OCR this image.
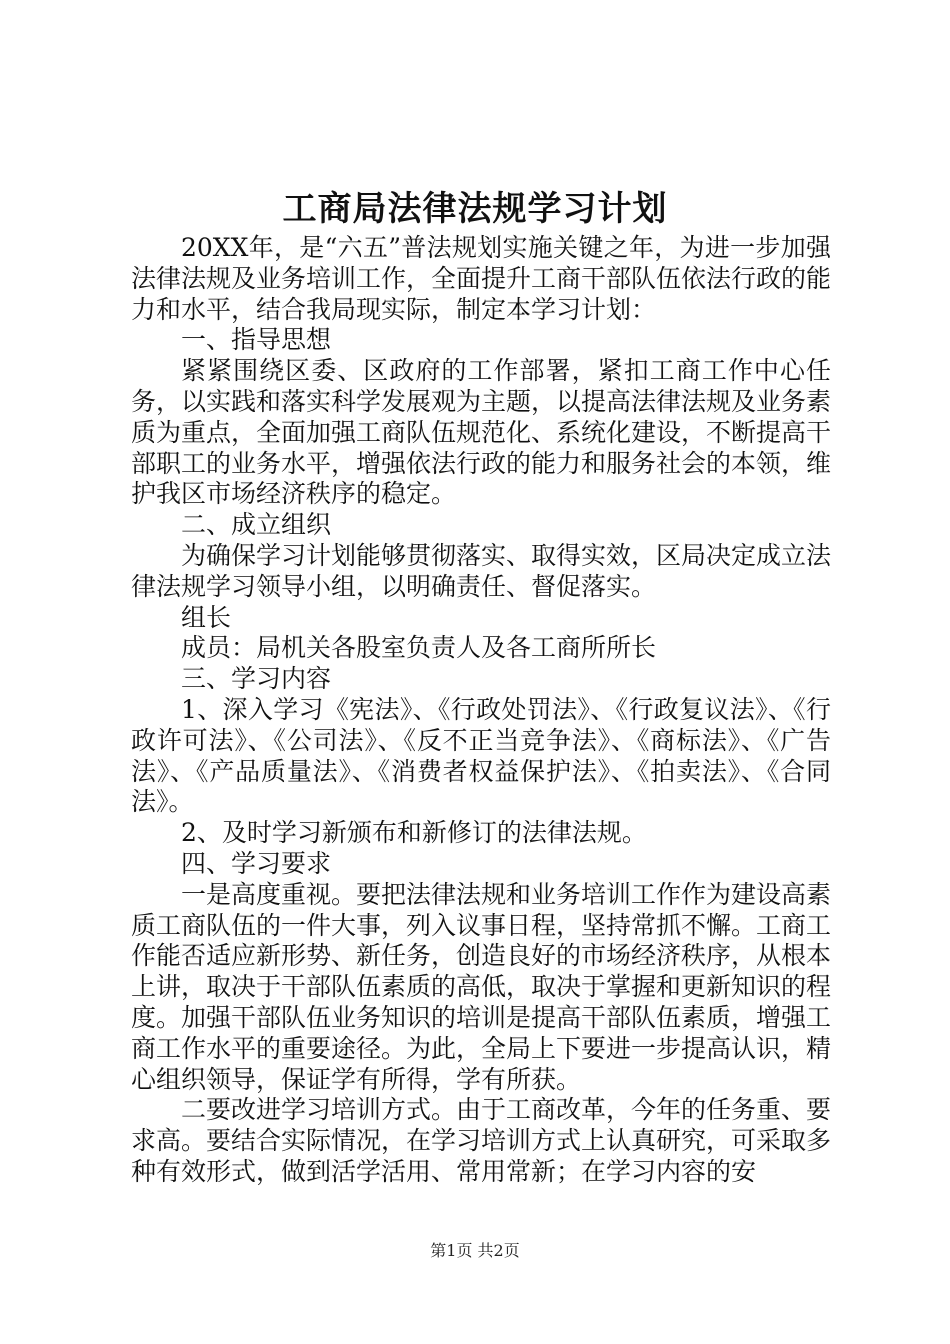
工商局法律法规学习计划

20XX年，是“六五”普法规划实施关键之年，为进一步加强法律法规及业务培训工作，全面提升工商干部队伍依法行政的能力和水平，结合我局现实际，制定本学习计划：

一、指导思想

紧紧围绕区委、区政府的工作部署，紧扣工商工作中心任务，以实践和落实科学发展观为主题，以提高法律法规及业务素质为重点，全面加强工商队伍规范化、系统化建设，不断提高干部职工的业务水平，增强依法行政的能力和服务社会的本领，维护我区市场经济秩序的稳定。

二、成立组织

为确保学习计划能够贯彻落实、取得实效，区局决定成立法律法规学习领导小组，以明确责任、督促落实。

组长

成员：局机关各股室负责人及各工商所所长

三、学习内容

1、深入学习《宪法》、《行政处罚法》、《行政复议法》、《行政许可法》、《公司法》、《反不正当竞争法》、《商标法》、《广告法》、《产品质量法》、《消费者权益保护法》、《拍卖法》、《合同法》。

2、及时学习新颁布和新修订的法律法规。

四、学习要求

一是高度重视。要把法律法规和业务培训工作作为建设高素质工商队伍的一件大事，列入议事日程，坚持常抓不懈。工商工作能否适应新形势、新任务，创造良好的市场经济秩序，从根本上讲，取决于干部队伍素质的高低，取决于掌握和更新知识的程度。加强干部队伍业务知识的培训是提高干部队伍素质，增强工商工作水平的重要途径。为此，全局上下要进一步提高认识，精心组织领导，保证学有所得，学有所获。

二要改进学习培训方式。由于工商改革，今年的任务重、要求高。要结合实际情况，在学习培训方式上认真研究，可采取多种有效形式，做到活学活用、常用常新；在学习内容的安

第1页 共2页
